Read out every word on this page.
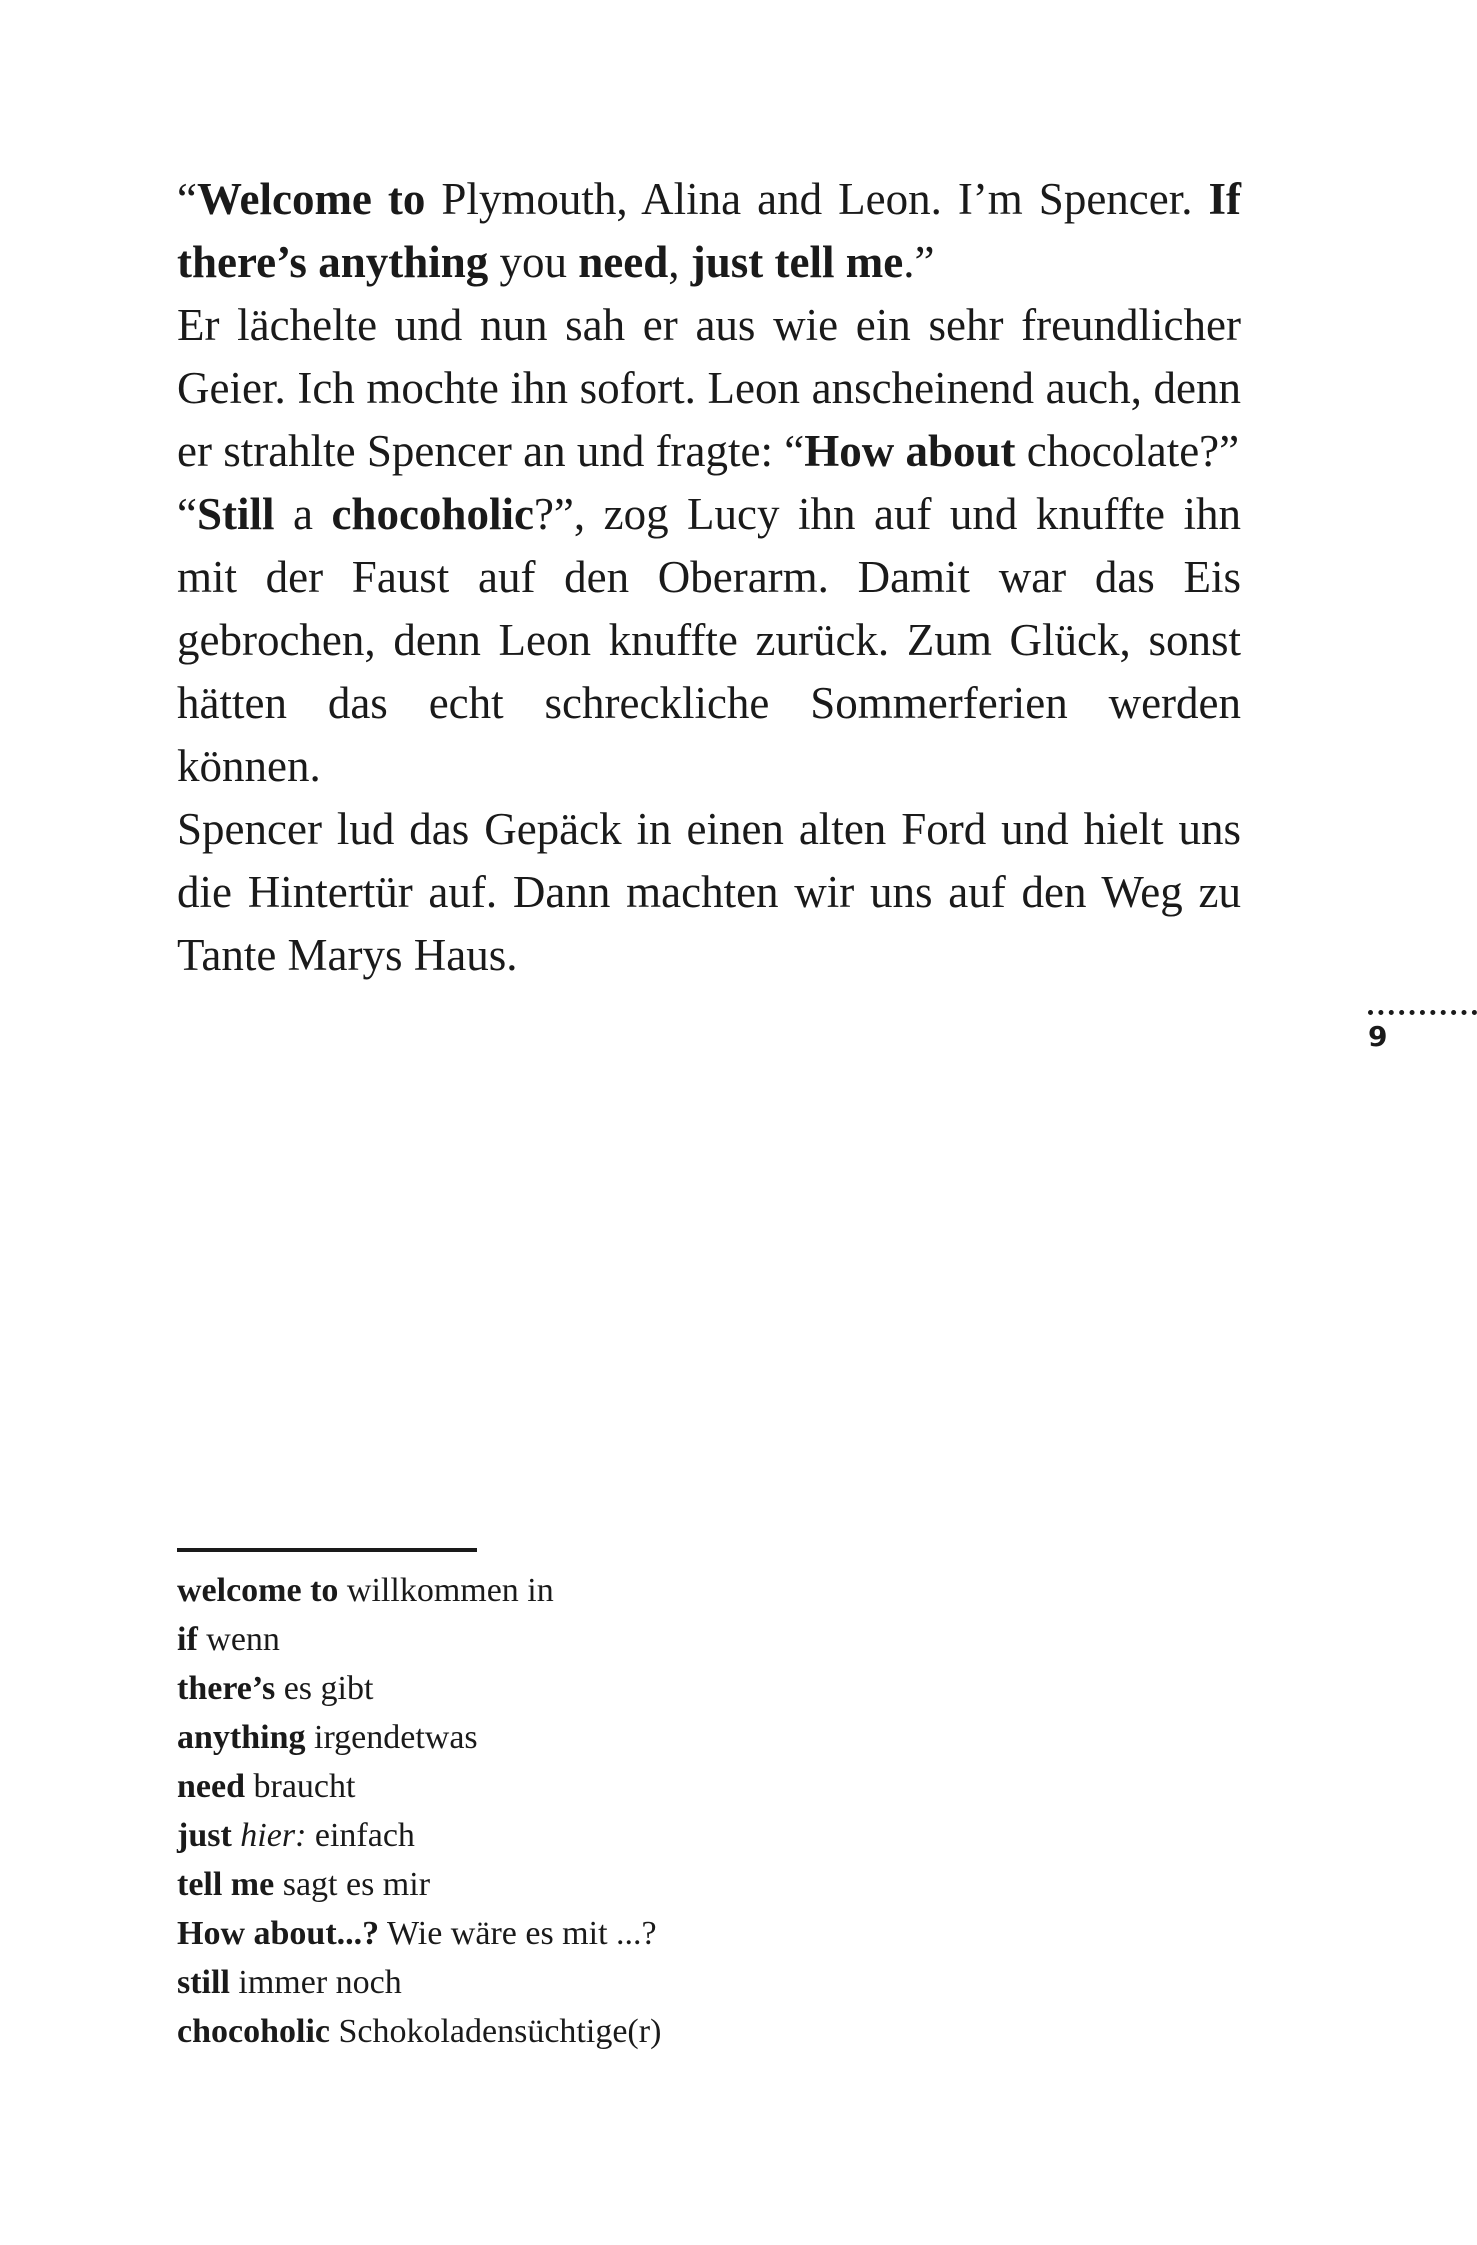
“Welcome to Plymouth, Alina and Leon. I’m Spencer. If there’s anything you need, just tell me.”

Er lächelte und nun sah er aus wie ein sehr freundlicher Geier. Ich mochte ihn sofort. Leon anscheinend auch, denn er strahlte Spencer an und fragte: “How about chocolate?”

“Still a chocoholic?”, zog Lucy ihn auf und knuffte ihn mit der Faust auf den Oberarm. Damit war das Eis gebrochen, denn Leon knuffte zurück. Zum Glück, sonst hätten das echt schreckliche Sommerferien werden können.

Spencer lud das Gepäck in einen alten Ford und hielt uns die Hintertür auf. Dann machten wir uns auf den Weg zu Tante Marys Haus.

9
welcome to willkommen in
if wenn
there’s es gibt
anything irgendetwas
need braucht
just hier: einfach
tell me sagt es mir
How about...? Wie wäre es mit ...?
still immer noch
chocoholic Schokoladensüchtige(r)
